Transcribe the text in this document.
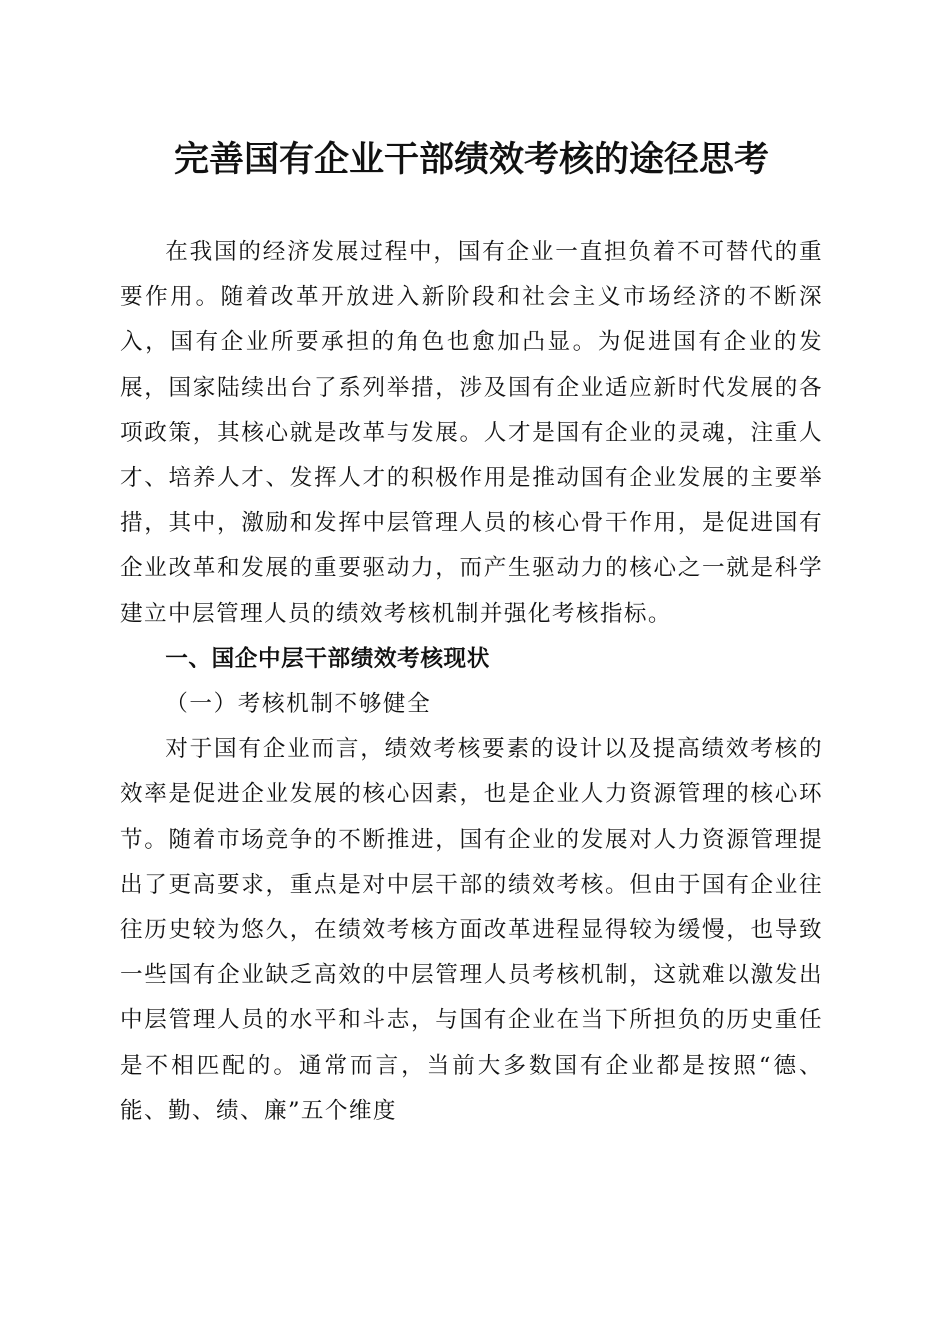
完善国有企业干部绩效考核的途径思考

在我国的经济发展过程中，国有企业一直担负着不可替代的重要作用。随着改革开放进入新阶段和社会主义市场经济的不断深入，国有企业所要承担的角色也愈加凸显。为促进国有企业的发展，国家陆续出台了系列举措，涉及国有企业适应新时代发展的各项政策，其核心就是改革与发展。人才是国有企业的灵魂，注重人才、培养人才、发挥人才的积极作用是推动国有企业发展的主要举措，其中，激励和发挥中层管理人员的核心骨干作用，是促进国有企业改革和发展的重要驱动力，而产生驱动力的核心之一就是科学建立中层管理人员的绩效考核机制并强化考核指标。

一、国企中层干部绩效考核现状

（一）考核机制不够健全

对于国有企业而言，绩效考核要素的设计以及提高绩效考核的效率是促进企业发展的核心因素，也是企业人力资源管理的核心环节。随着市场竞争的不断推进，国有企业的发展对人力资源管理提出了更高要求，重点是对中层干部的绩效考核。但由于国有企业往往历史较为悠久，在绩效考核方面改革进程显得较为缓慢，也导致一些国有企业缺乏高效的中层管理人员考核机制，这就难以激发出中层管理人员的水平和斗志，与国有企业在当下所担负的历史重任是不相匹配的。通常而言，当前大多数国有企业都是按照“德、能、勤、绩、廉”五个维度
